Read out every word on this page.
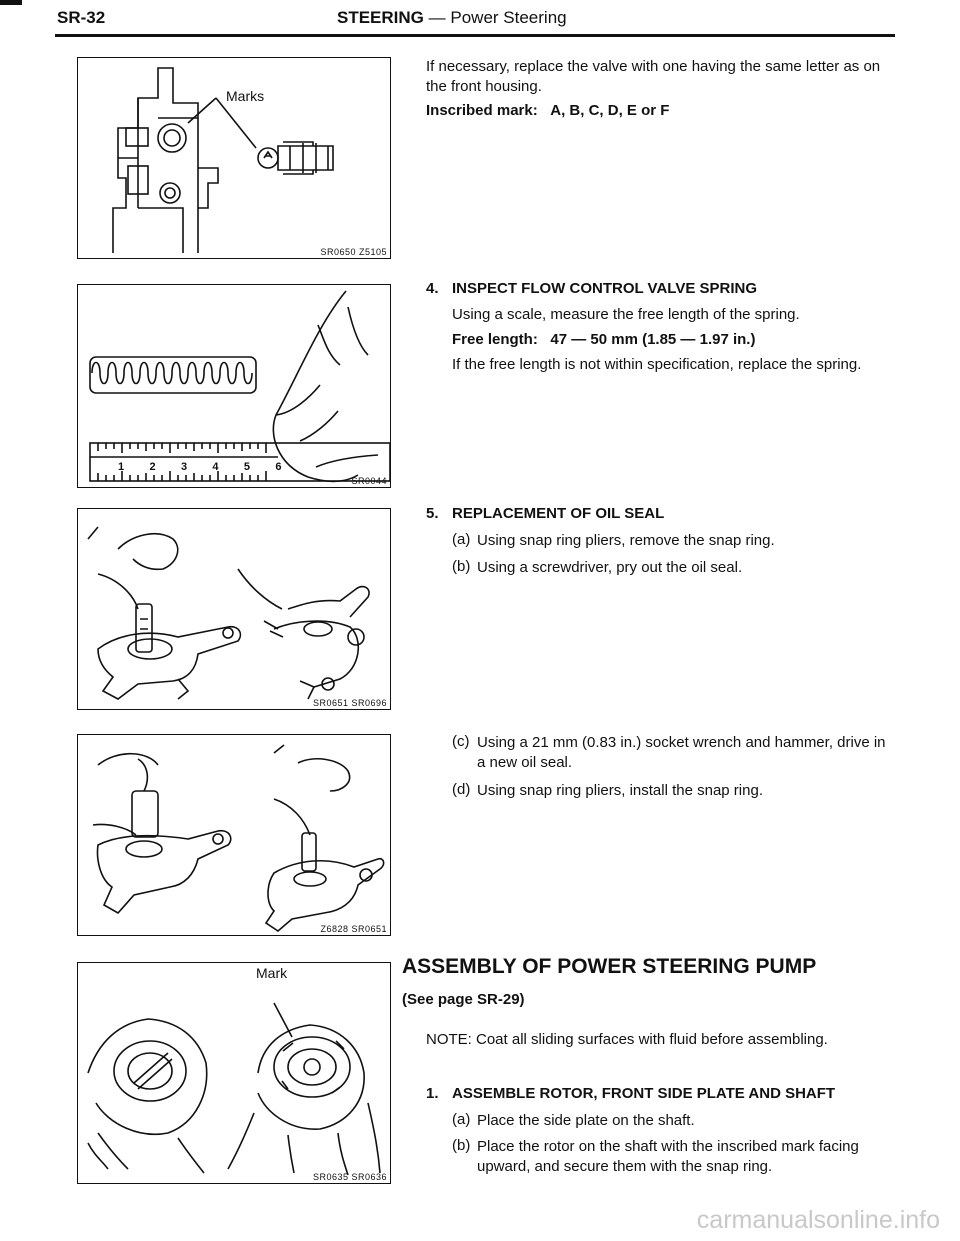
SR-32	STEERING — Power Steering
Marks
SR0650 Z5105
1 2 3 4 5 6
SR0044
SR0651 SR0696
Z6828 SR0651
Mark
SR0635 SR0636
If necessary, replace the valve with one having the same letter as on the front housing.
Inscribed mark: A, B, C, D, E or F
4. INSPECT FLOW CONTROL VALVE SPRING
Using a scale, measure the free length of the spring.
Free length: 47 — 50 mm (1.85 — 1.97 in.)
If the free length is not within specification, replace the spring.
5. REPLACEMENT OF OIL SEAL
(a) Using snap ring pliers, remove the snap ring.
(b) Using a screwdriver, pry out the oil seal.
(c) Using a 21 mm (0.83 in.) socket wrench and hammer, drive in a new oil seal.
(d) Using snap ring pliers, install the snap ring.
ASSEMBLY OF POWER STEERING PUMP
(See page SR-29)
NOTE: Coat all sliding surfaces with fluid before assembling.
1. ASSEMBLE ROTOR, FRONT SIDE PLATE AND SHAFT
(a) Place the side plate on the shaft.
(b) Place the rotor on the shaft with the inscribed mark facing upward, and secure them with the snap ring.
carmanualsonline.info
